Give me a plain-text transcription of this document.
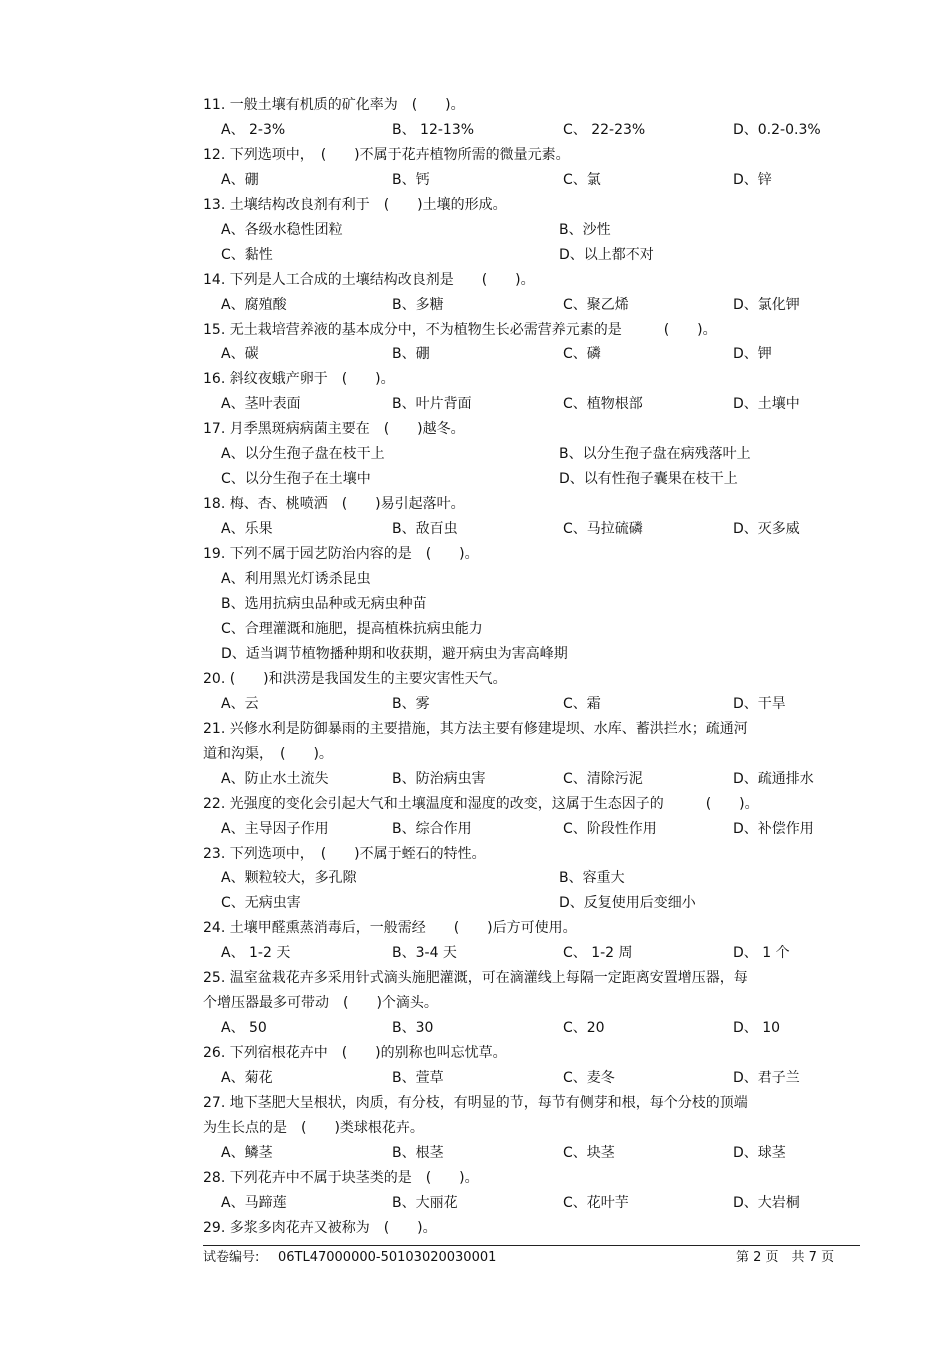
11. 一般土壤有机质的矿化率为　(　　)。
A、 2-3%	B、 12-13%	C、 22-23%	D、0.2-0.3%
12. 下列选项中，　(　　)不属于花卉植物所需的微量元素。
A、硼	B、钙	C、氯	D、锌
13. 土壤结构改良剂有利于　(　　)土壤的形成。
A、各级水稳性团粒	B、沙性
C、黏性	D、以上都不对
14. 下列是人工合成的土壤结构改良剂是　　(　　)。
A、腐殖酸	B、多糖	C、聚乙烯	D、氯化钾
15. 无土栽培营养液的基本成分中，不为植物生长必需营养元素的是　　　(　　)。
A、碳	B、硼	C、磷	D、钾
16. 斜纹夜蛾产卵于　(　　)。
A、茎叶表面	B、叶片背面	C、植物根部	D、土壤中
17. 月季黑斑病病菌主要在　(　　)越冬。
A、以分生孢子盘在枝干上	B、以分生孢子盘在病残落叶上
C、以分生孢子在土壤中	D、以有性孢子囊果在枝干上
18. 梅、杏、桃喷洒　(　　)易引起落叶。
A、乐果	B、敌百虫	C、马拉硫磷	D、灭多威
19. 下列不属于园艺防治内容的是　(　　)。
A、利用黑光灯诱杀昆虫
B、选用抗病虫品种或无病虫种苗
C、合理灌溉和施肥，提高植株抗病虫能力
D、适当调节植物播种期和收获期，避开病虫为害高峰期
20. (　　)和洪涝是我国发生的主要灾害性天气。
A、云	B、雾	C、霜	D、干旱
21. 兴修水利是防御暴雨的主要措施，其方法主要有修建堤坝、水库、蓄洪拦水；疏通河
道和沟渠，　(　　)。
A、防止水土流失	B、防治病虫害	C、清除污泥	D、疏通排水
22. 光强度的变化会引起大气和土壤温度和湿度的改变，这属于生态因子的　　　(　　)。
A、主导因子作用	B、综合作用	C、阶段性作用	D、补偿作用
23. 下列选项中，　(　　)不属于蛭石的特性。
A、颗粒较大，多孔隙	B、容重大
C、无病虫害	D、反复使用后变细小
24. 土壤甲醛熏蒸消毒后，一般需经　　(　　)后方可使用。
A、 1-2 天	B、3-4 天	C、 1-2 周	D、 1 个
25. 温室盆栽花卉多采用针式滴头施肥灌溉，可在滴灌线上每隔一定距离安置增压器，每
个增压器最多可带动　(　　)个滴头。
A、 50	B、30	C、20	D、 10
26. 下列宿根花卉中　(　　)的别称也叫忘忧草。
A、菊花	B、萱草	C、麦冬	D、君子兰
27. 地下茎肥大呈根状，肉质，有分枝，有明显的节，每节有侧芽和根，每个分枝的顶端
为生长点的是　(　　)类球根花卉。
A、鳞茎	B、根茎	C、块茎	D、球茎
28. 下列花卉中不属于块茎类的是　(　　)。
A、马蹄莲	B、大丽花	C、花叶芋	D、大岩桐
29. 多浆多肉花卉又被称为　(　　)。
试卷编号: 06TL47000000-50103020030001	第 2 页　共 7 页
